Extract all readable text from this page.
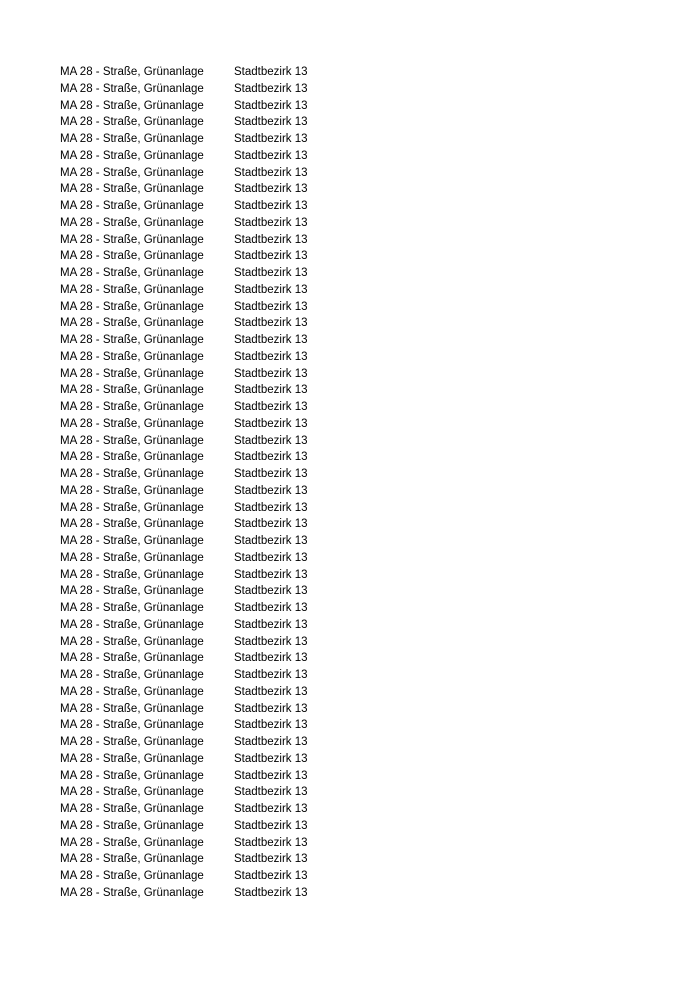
MA 28 - Straße, Grünanlage	Stadtbezirk 13
MA 28 - Straße, Grünanlage	Stadtbezirk 13
MA 28 - Straße, Grünanlage	Stadtbezirk 13
MA 28 - Straße, Grünanlage	Stadtbezirk 13
MA 28 - Straße, Grünanlage	Stadtbezirk 13
MA 28 - Straße, Grünanlage	Stadtbezirk 13
MA 28 - Straße, Grünanlage	Stadtbezirk 13
MA 28 - Straße, Grünanlage	Stadtbezirk 13
MA 28 - Straße, Grünanlage	Stadtbezirk 13
MA 28 - Straße, Grünanlage	Stadtbezirk 13
MA 28 - Straße, Grünanlage	Stadtbezirk 13
MA 28 - Straße, Grünanlage	Stadtbezirk 13
MA 28 - Straße, Grünanlage	Stadtbezirk 13
MA 28 - Straße, Grünanlage	Stadtbezirk 13
MA 28 - Straße, Grünanlage	Stadtbezirk 13
MA 28 - Straße, Grünanlage	Stadtbezirk 13
MA 28 - Straße, Grünanlage	Stadtbezirk 13
MA 28 - Straße, Grünanlage	Stadtbezirk 13
MA 28 - Straße, Grünanlage	Stadtbezirk 13
MA 28 - Straße, Grünanlage	Stadtbezirk 13
MA 28 - Straße, Grünanlage	Stadtbezirk 13
MA 28 - Straße, Grünanlage	Stadtbezirk 13
MA 28 - Straße, Grünanlage	Stadtbezirk 13
MA 28 - Straße, Grünanlage	Stadtbezirk 13
MA 28 - Straße, Grünanlage	Stadtbezirk 13
MA 28 - Straße, Grünanlage	Stadtbezirk 13
MA 28 - Straße, Grünanlage	Stadtbezirk 13
MA 28 - Straße, Grünanlage	Stadtbezirk 13
MA 28 - Straße, Grünanlage	Stadtbezirk 13
MA 28 - Straße, Grünanlage	Stadtbezirk 13
MA 28 - Straße, Grünanlage	Stadtbezirk 13
MA 28 - Straße, Grünanlage	Stadtbezirk 13
MA 28 - Straße, Grünanlage	Stadtbezirk 13
MA 28 - Straße, Grünanlage	Stadtbezirk 13
MA 28 - Straße, Grünanlage	Stadtbezirk 13
MA 28 - Straße, Grünanlage	Stadtbezirk 13
MA 28 - Straße, Grünanlage	Stadtbezirk 13
MA 28 - Straße, Grünanlage	Stadtbezirk 13
MA 28 - Straße, Grünanlage	Stadtbezirk 13
MA 28 - Straße, Grünanlage	Stadtbezirk 13
MA 28 - Straße, Grünanlage	Stadtbezirk 13
MA 28 - Straße, Grünanlage	Stadtbezirk 13
MA 28 - Straße, Grünanlage	Stadtbezirk 13
MA 28 - Straße, Grünanlage	Stadtbezirk 13
MA 28 - Straße, Grünanlage	Stadtbezirk 13
MA 28 - Straße, Grünanlage	Stadtbezirk 13
MA 28 - Straße, Grünanlage	Stadtbezirk 13
MA 28 - Straße, Grünanlage	Stadtbezirk 13
MA 28 - Straße, Grünanlage	Stadtbezirk 13
MA 28 - Straße, Grünanlage	Stadtbezirk 13
